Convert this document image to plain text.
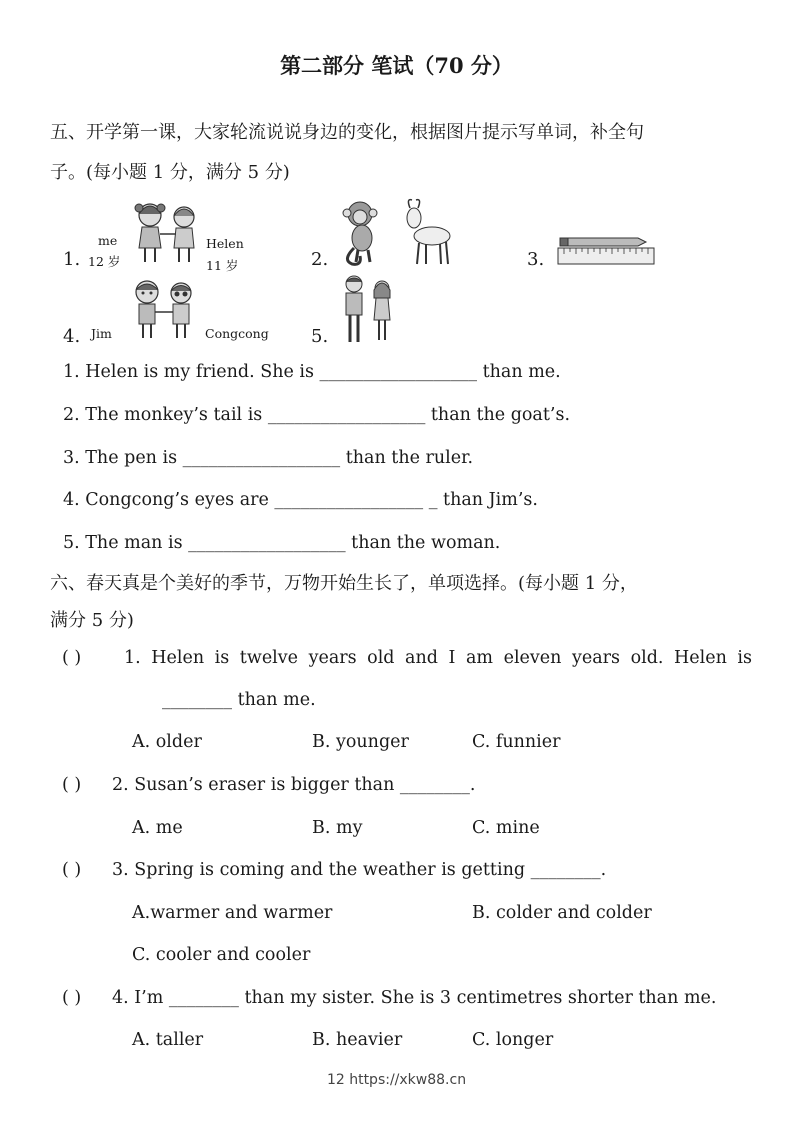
第二部分 笔试（70 分）
五、开学第一课，大家轮流说说身边的变化，根据图片提示写单词，补全句
子。(每小题 1 分，满分 5 分)
1.
me
12 岁
Helen
11 岁	2.	3.
4. Jim	Congcong 5.
1. Helen is my friend. She is __________________ than me.
2. The monkey’s tail is __________________ than the goat’s.
3. The pen is __________________ than the ruler.
4. Congcong’s eyes are _________________ _ than Jim’s.
5. The man is __________________ than the woman.
六、春天真是个美好的季节，万物开始生长了，单项选择。(每小题 1 分，
满分 5 分)
( ) 1. Helen is twelve years old and I am eleven years old. Helen is
________ than me.
A. older	B. younger	C. funnier
( ) 2. Susan’s eraser is bigger than ________.
A. me	B. my	C. mine
( ) 3. Spring is coming and the weather is getting ________.
A.warmer and warmer	B. colder and colder
C. cooler and cooler
( ) 4. I’m ________ than my sister. She is 3 centimetres shorter than me.
A. taller	B. heavier	C. longer
12 https://xkw88.cn
